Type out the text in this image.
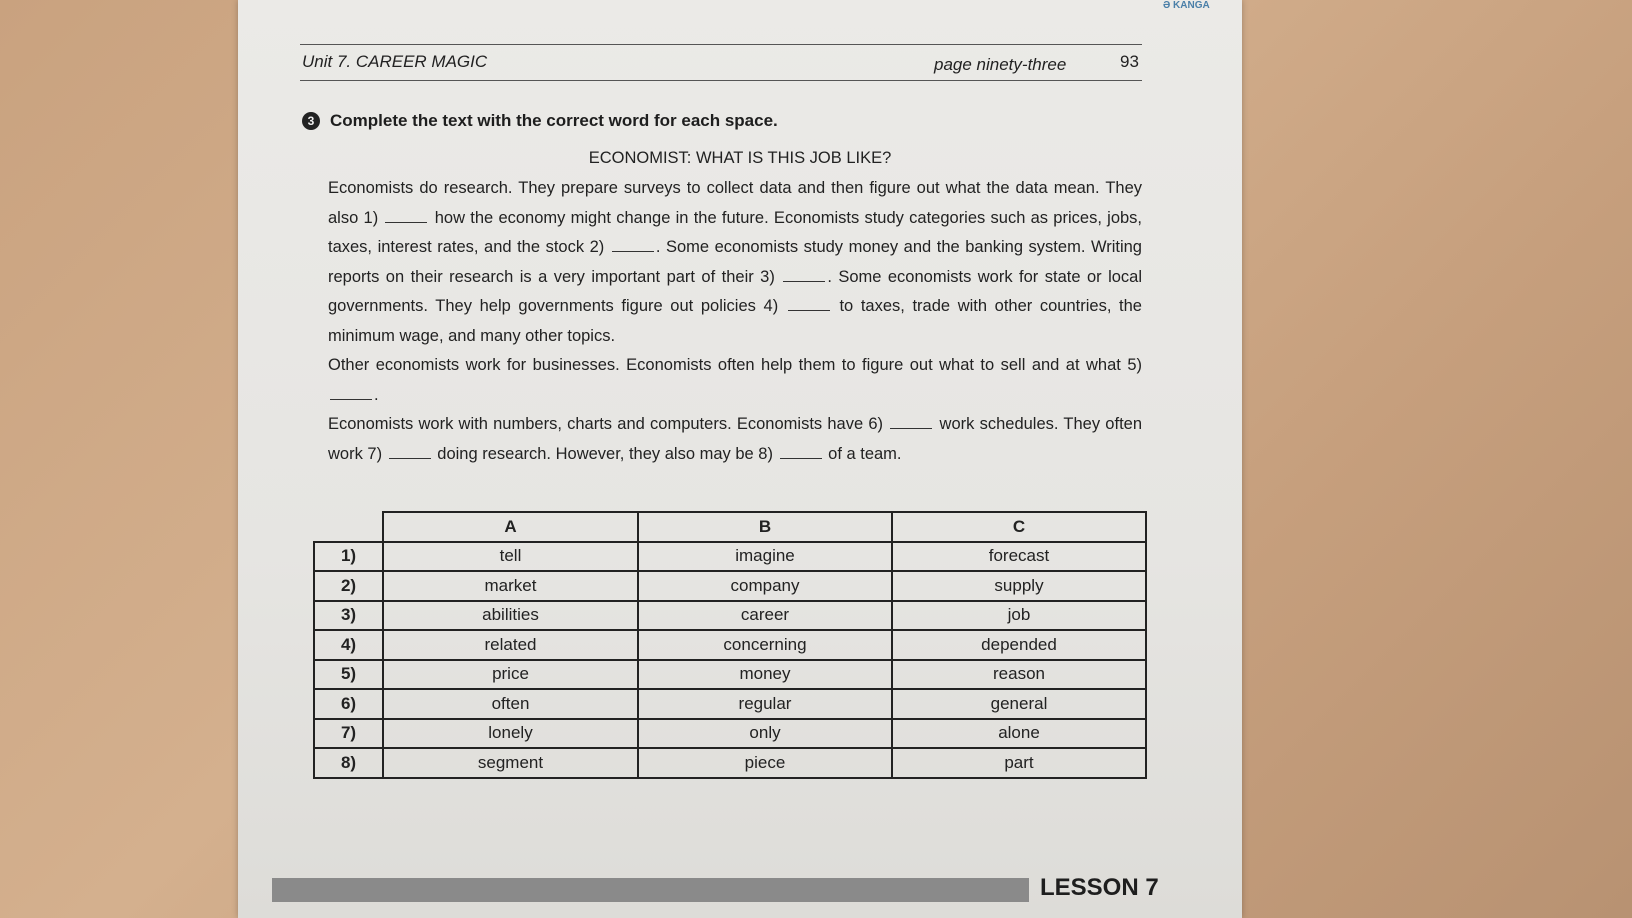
Ə KANGA
Unit 7. CAREER MAGIC	page ninety-three	93
3 Complete the text with the correct word for each space.
ECONOMIST: WHAT IS THIS JOB LIKE?

Economists do research. They prepare surveys to collect data and then figure out what the data mean. They also 1)	how the economy might change in the future. Economists study categories such as prices, jobs, taxes, interest rates, and the stock 2)	. Some economists study money and the banking system. Writing reports on their research is a very important part of their 3)	. Some economists work for state or local governments. They help governments figure out policies 4)	to taxes, trade with other countries, the minimum wage, and many other topics.

Other economists work for businesses. Economists often help them to figure out what to sell and at what 5) .

Economists work with numbers, charts and computers. Economists have 6)	work schedules. They often work 7)	doing research. However, they also may be 8)	of a team.

	A	B	C
1)	tell	imagine	forecast
2)	market	company	supply
3)	abilities	career	job
4)	related	concerning	depended
5)	price	money	reason
6)	often	regular	general
7)	lonely	only	alone
8)	segment	piece	part
LESSON 7
